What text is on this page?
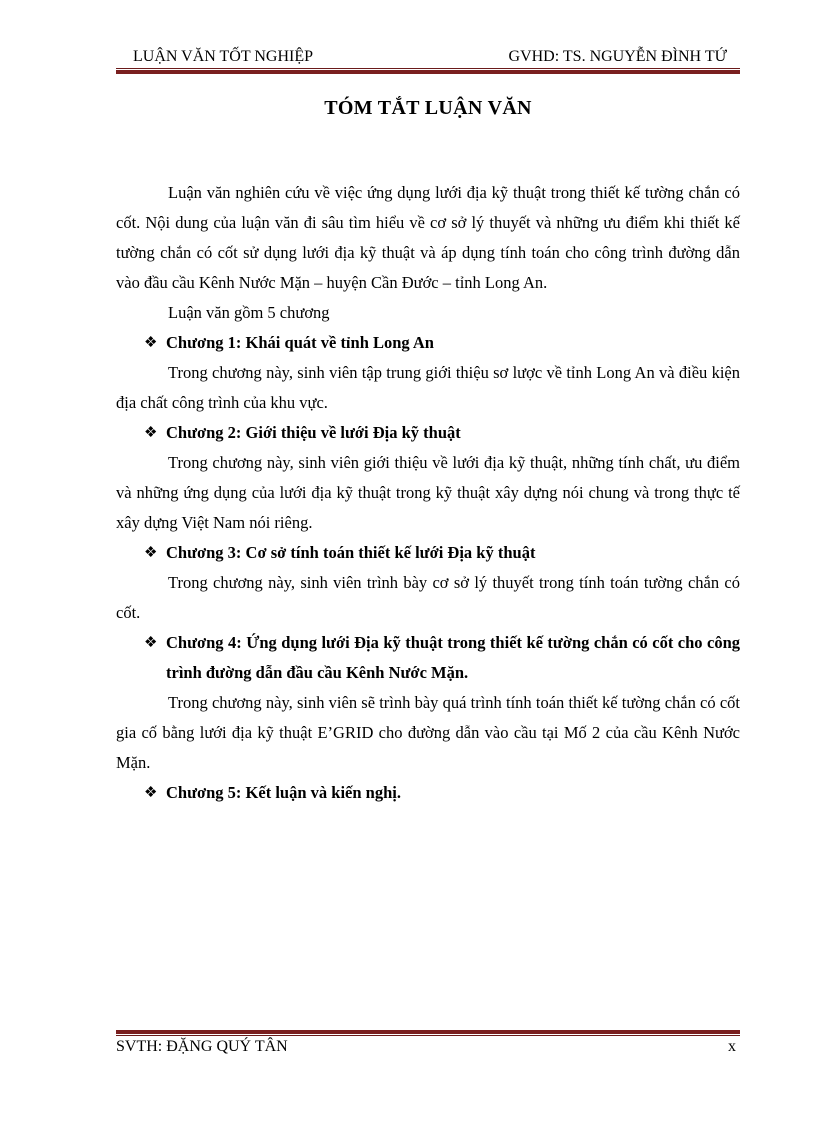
LUẬN VĂN TỐT NGHIỆP	GVHD: TS. NGUYỄN ĐÌNH TỨ
TÓM TẮT LUẬN VĂN

Luận văn nghiên cứu về việc ứng dụng lưới địa kỹ thuật trong thiết kế tường chắn có cốt. Nội dung của luận văn đi sâu tìm hiểu về cơ sở lý thuyết và những ưu điểm khi thiết kế tường chắn có cốt sử dụng lưới địa kỹ thuật và áp dụng tính toán cho công trình đường dẫn vào đầu cầu Kênh Nước Mặn – huyện Cần Đước – tỉnh Long An.

Luận văn gồm 5 chương

❖ Chương 1: Khái quát về tỉnh Long An

Trong chương này, sinh viên tập trung giới thiệu sơ lược về tỉnh Long An và điều kiện địa chất công trình của khu vực.

❖ Chương 2: Giới thiệu về lưới Địa kỹ thuật

Trong chương này, sinh viên giới thiệu về lưới địa kỹ thuật, những tính chất, ưu điểm và những ứng dụng của lưới địa kỹ thuật trong kỹ thuật xây dựng nói chung và trong thực tế xây dựng Việt Nam nói riêng.

❖ Chương 3: Cơ sở tính toán thiết kế lưới Địa kỹ thuật

Trong chương này, sinh viên trình bày cơ sở lý thuyết trong tính toán tường chắn có cốt.

❖ Chương 4: Ứng dụng lưới Địa kỹ thuật trong thiết kế tường chắn có cốt cho công trình đường dẫn đầu cầu Kênh Nước Mặn.

Trong chương này, sinh viên sẽ trình bày quá trình tính toán thiết kế tường chắn có cốt gia cố bằng lưới địa kỹ thuật E’GRID cho đường dẫn vào cầu tại Mố 2 của cầu Kênh Nước Mặn.

❖ Chương 5: Kết luận và kiến nghị.
SVTH: ĐẶNG QUÝ TÂN	x
